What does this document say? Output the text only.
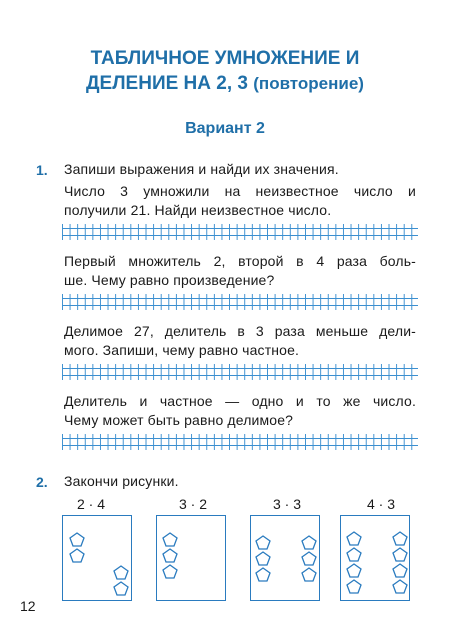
ТАБЛИЧНОЕ УМНОЖЕНИЕ И
ДЕЛЕНИЕ НА 2, 3 (повторение)
Вариант 2
1. Запиши выражения и найди их значения.
Число 3 умножили на неизвестное число и
получили 21. Найди неизвестное число.
Первый множитель 2, второй в 4 раза боль-
ше. Чему равно произведение?
Делимое 27, делитель в 3 раза меньше дели-
мого. Запиши, чему равно частное.
Делитель и частное — одно и то же число.
Чему может быть равно делимое?
2. Закончи рисунки.
2 · 4	3 · 2	3 · 3	4 · 3
12
